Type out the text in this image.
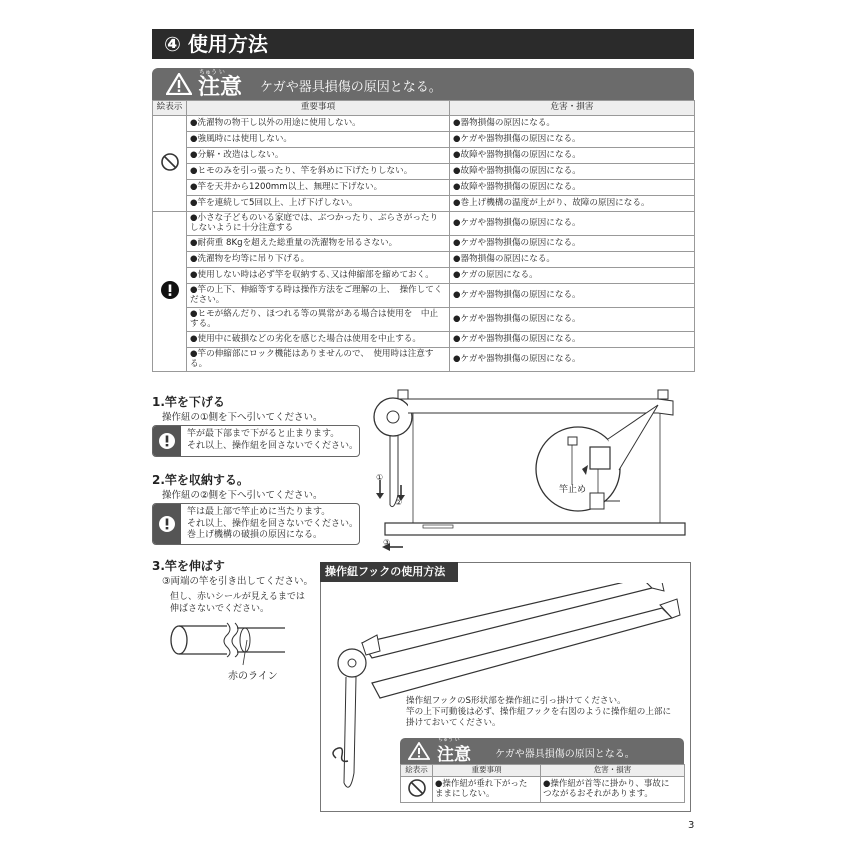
④ 使用方法
ちゅう い
注意 ケガや器具損傷の原因となる。
絵表示	重要事項	危害・損害
	●洗濯物の物干し以外の用途に使用しない。	●器物損傷の原因になる。
	●強風時には使用しない。	●ケガや器物損傷の原因になる。
	●分解・改造はしない。	●故障や器物損傷の原因になる。
	●ヒモのみを引っ張ったり、竿を斜めに下げたりしない。	●故障や器物損傷の原因になる。
	●竿を天井から1200mm以上、無理に下げない。	●故障や器物損傷の原因になる。
	●竿を連続して5回以上、上げ下げしない。	●巻上げ機構の温度が上がり、故障の原因になる。
	●小さな子どものいる家庭では、ぶつかったり、ぶらさがったり　しないように十分注意する	●ケガや器物損傷の原因になる。
	●耐荷重 8Kgを超えた総重量の洗濯物を吊るさない。	●ケガや器物損傷の原因になる。
	●洗濯物を均等に吊り下げる。	●器物損傷の原因になる。
	●使用しない時は必ず竿を収納する､又は伸縮部を縮めておく｡	●ケガの原因になる。
	●竿の上下、伸縮等する時は操作方法をご理解の上、　操作してください。	●ケガや器物損傷の原因になる。
	●ヒモが絡んだり、ほつれる等の異常がある場合は使用を　中止する。	●ケガや器物損傷の原因になる。
	●使用中に破損などの劣化を感じた場合は使用を中止する。	●ケガや器物損傷の原因になる。
	●竿の伸縮部にロック機能はありませんので、　使用時は注意する。	●ケガや器物損傷の原因になる。
1.竿を下げる
操作紐の①側を下へ引いてください。
竿が最下部まで下がると止まります。
それ以上、操作紐を回さないでください。
2.竿を収納する。
操作紐の②側を下へ引いてください。
竿は最上部で竿止めに当たります。
それ以上、操作紐を回さないでください。
巻上げ機構の破損の原因になる。
3.竿を伸ばす
③両端の竿を引き出してください。
但し、赤いシールが見えるまでは
伸ばさないでください。
赤のライン
①
②
③
竿止め
操作紐フックの使用方法
操作紐フックのS形状部を操作紐に引っ掛けてください。
竿の上下可動後は必ず、操作紐フックを右図のように操作紐の上部に
掛けておいてください。
ちゅう い
注意 ケガや器具損傷の原因となる。
絵表示	重要事項	危害・損害
	●操作紐が垂れ下がった　ままにしない。	●操作紐が首等に掛かり、事故に　つながるおそれがあります。
3
